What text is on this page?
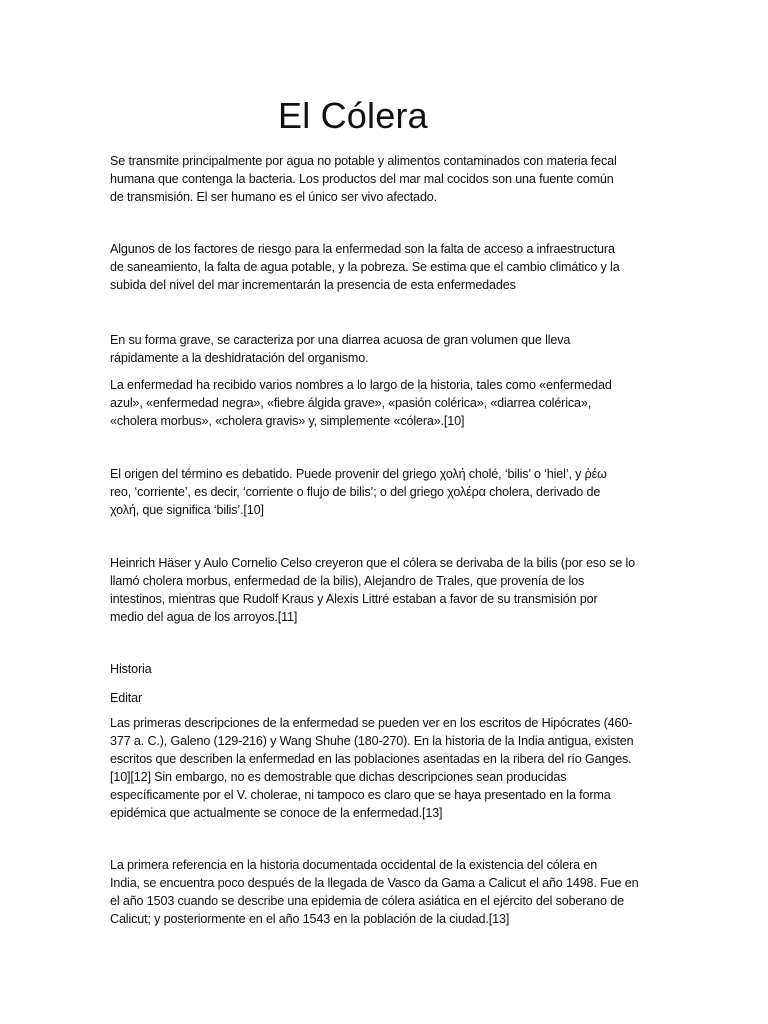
El Cólera
Se transmite principalmente por agua no potable y alimentos contaminados con materia fecal
humana que contenga la bacteria. Los productos del mar mal cocidos son una fuente común
de transmisión. El ser humano es el único ser vivo afectado.
Algunos de los factores de riesgo para la enfermedad son la falta de acceso a infraestructura
de saneamiento, la falta de agua potable, y la pobreza. Se estima que el cambio climático y la
subida del nivel del mar incrementarán la presencia de esta enfermedades
En su forma grave, se caracteriza por una diarrea acuosa de gran volumen que lleva
rápidamente a la deshidratación del organismo.
La enfermedad ha recibido varios nombres a lo largo de la historia, tales como «enfermedad
azul», «enfermedad negra», «fiebre álgida grave», «pasión colérica», «diarrea colérica»,
«cholera morbus», «cholera gravis» y, simplemente «cólera».[10]
El origen del término es debatido. Puede provenir del griego χολή cholé, ‘bilis’ o ‘hiel’, y ῥέω
reo, ‘corriente’, es decir, ‘corriente o flujo de bilis’; o del griego χολέρα cholera, derivado de
χολή, que significa ‘bilis’.[10]
Heinrich Häser y Aulo Cornelio Celso creyeron que el cólera se derivaba de la bilis (por eso se lo
llamó cholera morbus, enfermedad de la bilis), Alejandro de Trales, que provenía de los
intestinos, mientras que Rudolf Kraus y Alexis Littré estaban a favor de su transmisión por
medio del agua de los arroyos.[11]
Historia
Editar
Las primeras descripciones de la enfermedad se pueden ver en los escritos de Hipócrates (460-
377 a. C.), Galeno (129-216) y Wang Shuhe (180-270). En la historia de la India antigua, existen
escritos que describen la enfermedad en las poblaciones asentadas en la ribera del río Ganges.
[10][12] Sin embargo, no es demostrable que dichas descripciones sean producidas
específicamente por el V. cholerae, ni tampoco es claro que se haya presentado en la forma
epidémica que actualmente se conoce de la enfermedad.[13]
La primera referencia en la historia documentada occidental de la existencia del cólera en
India, se encuentra poco después de la llegada de Vasco da Gama a Calicut el año 1498. Fue en
el año 1503 cuando se describe una epidemia de cólera asiática en el ejército del soberano de
Calicut; y posteriormente en el año 1543 en la población de la ciudad.[13]
